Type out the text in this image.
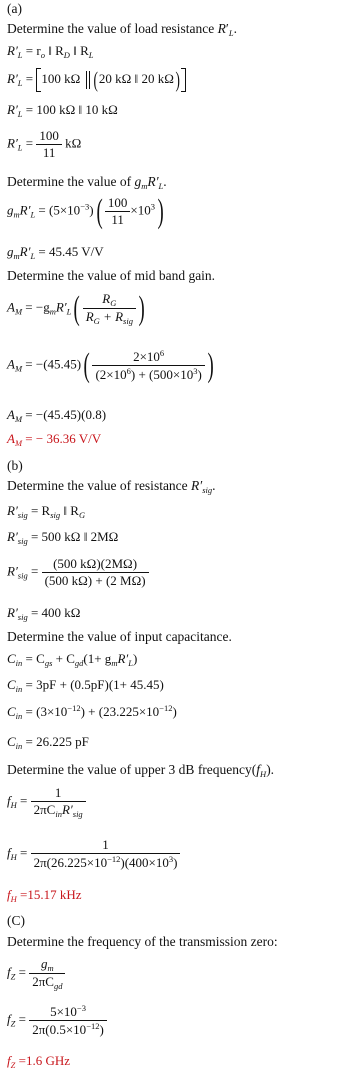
(a)
Determine the value of load resistance $R'_L$.
$R'_L = r_o$ ‖ $R_D$ ‖ $R_L$
$R'_L = 100$ kΩ (20 kΩ ‖ 20 kΩ)
$R'_L = 100$ kΩ ‖ 10 kΩ
$R'_L = \frac{100}{11}$ kΩ
Determine the value of $g_mR'_L$.
$g_mR'_L = (5\times 10^{-3})( \frac{100}{11} \times 10^3)$
$g_mR'_L = 45.45$ V/V
Determine the value of mid band gain.
$A_M = -g_mR'_L( \frac{R_G}{R_G + R_{sig}}$ )
$A_M = -(45.45)( \frac{2\times 10^6}{(2\times 10^6) + (500\times 10^3)}$ )
$A_M = -(45.45)(0.8)$
$A_M$ = − 36.36 V/V
(b)
Determine the value of resistance $R'_{sig}$.
$R'_{sig} = R_{sig}$ ‖ $R_G$
$R'_{sig} = 500$ kΩ ‖ 2MΩ
$R'_{sig} = \frac{(500 k\Omega)(2M\Omega)}{(500 k\Omega) + (2 M\Omega)}$
$R'_{sig} = 400$ kΩ
Determine the value of input capacitance.
$C_{in} = C_{gs} + C_{gd}(1+ g_mR'_L)$
$C_{in} = 3pF + (0.5pF)(1+ 45.45)$
$C_{in} = (3\times 10^{-12}) + (23.225\times 10^{-12})$
$C_{in} = 26.225$ pF
Determine the value of upper 3 dB $frequency(f_H)$.
$f_H = \frac{1}{2\pi C_{in}R'_{sig}}$
$f_H = \frac{1}{2\pi(26.225\times 10^{-12})(400\times 10^3)}$
$f_H =15.17$ kHz
(C)
Determine the frequency of the transmission zero:
$f_Z = \frac{g_m}{2\pi C_{gd}}$
$f_Z = \frac{5\times 10^{-3}}{2\pi(0.5\times 10^{-12})}$
$f_Z =1.6$ GHz
